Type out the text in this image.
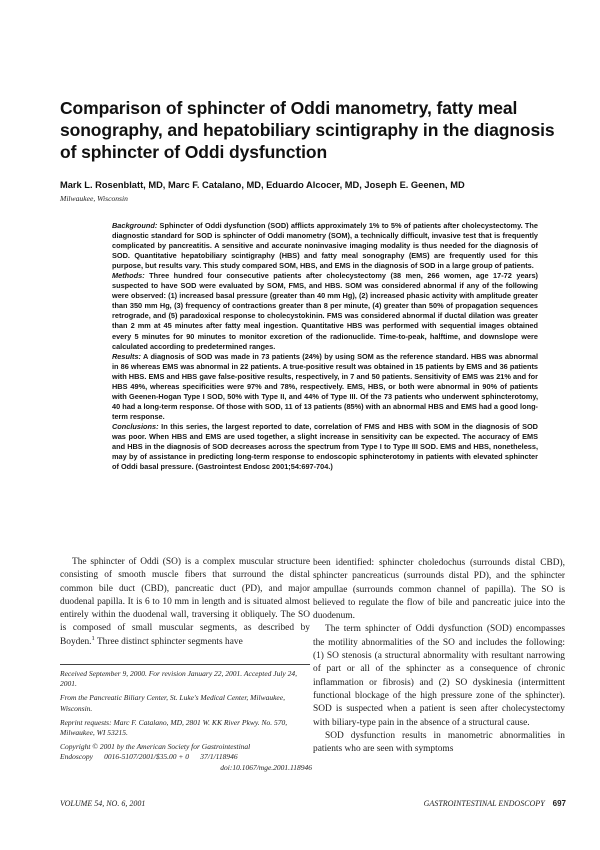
Comparison of sphincter of Oddi manometry, fatty meal sonography, and hepatobiliary scintigraphy in the diagnosis of sphincter of Oddi dysfunction

Mark L. Rosenblatt, MD, Marc F. Catalano, MD, Eduardo Alcocer, MD, Joseph E. Geenen, MD

Milwaukee, Wisconsin

Background: Sphincter of Oddi dysfunction (SOD) afflicts approximately 1% to 5% of patients after cholecystectomy. The diagnostic standard for SOD is sphincter of Oddi manometry (SOM), a technically difficult, invasive test that is frequently complicated by pancreatitis. A sensitive and accurate noninvasive imaging modality is thus needed for the diagnosis of SOD. Quantitative hepatobiliary scintigraphy (HBS) and fatty meal sonography (EMS) are frequently used for this purpose, but results vary. This study compared SOM, HBS, and EMS in the diagnosis of SOD in a large group of patients.

Methods: Three hundred four consecutive patients after cholecystectomy (38 men, 266 women, age 17-72 years) suspected to have SOD were evaluated by SOM, FMS, and HBS. SOM was considered abnormal if any of the following were observed: (1) increased basal pressure (greater than 40 mm Hg), (2) increased phasic activity with amplitude greater than 350 mm Hg, (3) frequency of contractions greater than 8 per minute, (4) greater than 50% of propagation sequences retrograde, and (5) paradoxical response to cholecystokinin. FMS was considered abnormal if ductal dilation was greater than 2 mm at 45 minutes after fatty meal ingestion. Quantitative HBS was performed with sequential images obtained every 5 minutes for 90 minutes to monitor excretion of the radionuclide. Time-to-peak, halftime, and downslope were calculated according to predetermined ranges.

Results: A diagnosis of SOD was made in 73 patients (24%) by using SOM as the reference standard. HBS was abnormal in 86 whereas EMS was abnormal in 22 patients. A true-positive result was obtained in 15 patients by EMS and 36 patients with HBS. EMS and HBS gave false-positive results, respectively, in 7 and 50 patients. Sensitivity of EMS was 21% and for HBS 49%, whereas specificities were 97% and 78%, respectively. EMS, HBS, or both were abnormal in 90% of patients with Geenen-Hogan Type I SOD, 50% with Type II, and 44% of Type III. Of the 73 patients who underwent sphincterotomy, 40 had a long-term response. Of those with SOD, 11 of 13 patients (85%) with an abnormal HBS and EMS had a good long-term response.

Conclusions: In this series, the largest reported to date, correlation of FMS and HBS with SOM in the diagnosis of SOD was poor. When HBS and EMS are used together, a slight increase in sensitivity can be expected. The accuracy of EMS and HBS in the diagnosis of SOD decreases across the spectrum from Type I to Type III SOD. EMS and HBS, nonetheless, may by of assistance in predicting long-term response to endoscopic sphincterotomy in patients with elevated sphincter of Oddi basal pressure. (Gastrointest Endosc 2001;54:697-704.)

The sphincter of Oddi (SO) is a complex muscular structure consisting of smooth muscle fibers that surround the distal common bile duct (CBD), pancreatic duct (PD), and major duodenal papilla. It is 6 to 10 mm in length and is situated almost entirely within the duodenal wall, traversing it obliquely. The SO is composed of small muscular segments, as described by Boyden.$^1$ Three distinct sphincter segments have

Received September 9, 2000. For revision January 22, 2001. Accepted July 24, 2001.

From the Pancreatic Biliary Center, St. Luke's Medical Center, Milwaukee, Wisconsin.

Reprint requests: Marc F. Catalano, MD, 2801 W. KK River Pkwy. No. 570, Milwaukee, WI 53215.

Copyright © 2001 by the American Society for Gastrointestinal

Endoscopy      0016-5107/2001/$35.00 + 0      37/1/118946

doi:10.1067/mge.2001.118946

been identified: sphincter choledochus (surrounds distal CBD), sphincter pancreaticus (surrounds distal PD), and the sphincter ampullae (surrounds common channel of papilla). The SO is believed to regulate the flow of bile and pancreatic juice into the duodenum.

The term sphincter of Oddi dysfunction (SOD) encompasses the motility abnormalities of the SO and includes the following: (1) SO stenosis (a structural abnormality with resultant narrowing of part or all of the sphincter as a consequence of chronic inflammation or fibrosis) and (2) SO dyskinesia (intermittent functional blockage of the high pressure zone of the sphincter). SOD is suspected when a patient is seen after cholecystectomy with biliary-type pain in the absence of a structural cause.

SOD dysfunction results in manometric abnormalities in patients who are seen with symptoms

VOLUME 54, NO. 6, 2001	GASTROINTESTINAL ENDOSCOPY 697
